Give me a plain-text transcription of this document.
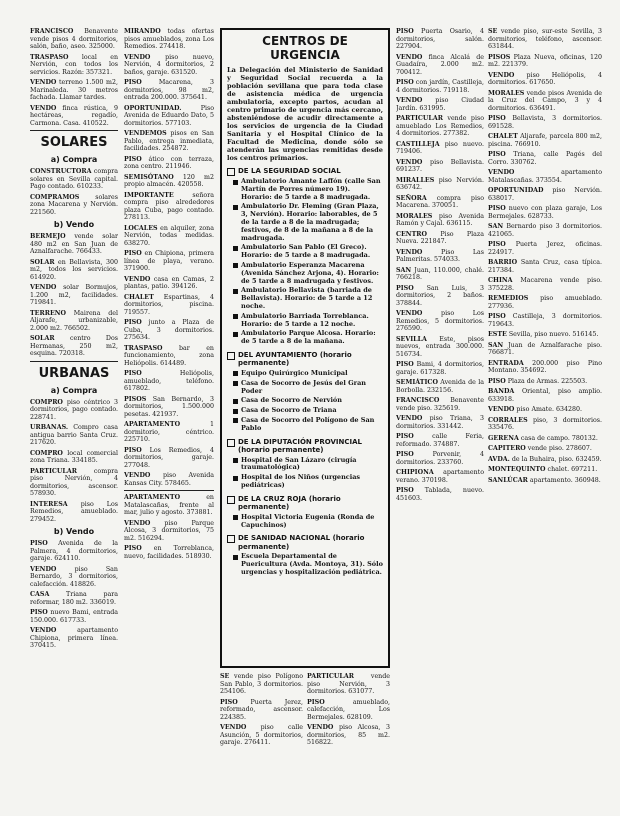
FRANCISCO Benavente vende pisos 4 dormitorios, salón, baño, aseo. 325000.

TRASPASO local en Nervión, con todos los servicios. Razón: 357321.

VENDO terreno 1.500 m2, Marinaleda. 30 metros fachada. Llamar tardes.

VENDO finca rústica, 9 hectáreas, regadío, Carmona. Casa. 410522.

SOLARES
a) Compra

CONSTRUCTORA compra solares en Sevilla capital. Pago contado. 610233.

COMPRAMOS solares zona Macarena y Nervión. 221560.

b) Vendo

BERMEJO vende solar 480 m2 en San Juan de Aznalfarache. 766433.

SOLAR en Bellavista, 300 m2, todos los servicios. 614920.

VENDO solar Bormujos, 1.200 m2, facilidades. 719841.

TERRENO Mairena del Aljarafe, urbanizable, 2.000 m2. 766502.

SOLAR centro Dos Hermanas, 250 m2, esquina. 720318.

URBANAS
a) Compra

COMPRO piso céntrico 3 dormitorios, pago contado. 228741.

URBANAS. Compro casa antigua barrio Santa Cruz. 217620.

COMPRO local comercial zona Triana. 334185.

PARTICULAR compra piso Nervión, 4 dormitorios, ascensor. 578930.

INTERESA piso Los Remedios, amueblado. 279452.

b) Vendo

PISO Avenida de la Palmera, 4 dormitorios, garaje. 624110.

VENDO piso San Bernardo, 3 dormitorios, calefacción. 418826.

CASA Triana para reformar, 180 m2. 336019.

PISO nuevo Bami, entrada 150.000. 617733.

VENDO apartamento Chipiona, primera línea. 370415.

MIRANDO todas ofertas pisos amueblados, zona Los Remedios. 274418.

VENDO piso nuevo, Nervión, 4 dormitorios, 2 baños, garaje. 631520.

PISO Macarena, 3 dormitorios, 98 m2, entrada 200.000. 375641.

OPORTUNIDAD. Piso Avenida de Eduardo Dato, 5 dormitorios. 577103.

VENDEMOS pisos en San Pablo, entrega inmediata, facilidades. 254872.

PISO ático con terraza, zona centro. 211946.

SEMISÓTANO 120 m2 propio almacén. 420558.

IMPORTANTE señora compra piso alrededores plaza Cuba, pago contado. 278113.

LOCALES en alquiler, zona Nervión, todas medidas. 638270.

PISO en Chipiona, primera línea de playa, verano. 371900.

VENDO casa en Camas, 2 plantas, patio. 394126.

CHALET Espartinas, 4 dormitorios, piscina. 719557.

PISO junto a Plaza de Cuba, 3 dormitorios. 275634.

TRASPASO bar en funcionamiento, zona Heliópolis. 614489.

PISO Heliópolis, amueblado, teléfono. 617802.

PISOS San Bernardo, 3 dormitorios, 1.500.000 pesetas. 421937.

APARTAMENTO 1 dormitorio, céntrico. 225710.

PISO Los Remedios, 4 dormitorios, garaje. 277048.

VENDO piso Avenida Kansas City. 578465.

APARTAMENTO en Matalascañas, frente al mar, julio y agosto. 373881.

VENDO piso Parque Alcosa, 3 dormitorios, 75 m2. 516294.

PISO en Torreblanca, nuevo, facilidades. 518930.

CENTROS DE URGENCIA
La Delegación del Ministerio de Sanidad y Seguridad Social recuerda a la población sevillana que para toda clase de asistencia médica de urgencia ambulatoria, excepto partos, acudan al centro primario de urgencia más cercano, absteniéndose de acudir directamente a los servicios de urgencia de la Ciudad Sanitaria y el Hospital Clínico de la Facultad de Medicina, donde sólo se atenderán las urgencias remitidas desde los centros primarios.
DE LA SEGURIDAD SOCIAL
Ambulatorio Amante Laffón (calle San Martín de Porres número 19). Horario: de 5 tarde a 8 madrugada.
Ambulatorio Dr. Fleming (Gran Plaza, 3, Nervión). Horario: laborables, de 5 de la tarde a 8 de la madrugada; festivos, de 8 de la mañana a 8 de la madrugada.
Ambulatorio San Pablo (El Greco). Horario: de 5 tarde a 8 madrugada.
Ambulatorio Esperanza Macarena (Avenida Sánchez Arjona, 4). Horario: de 5 tarde a 8 madrugada y festivos.
Ambulatorio Bellavista (barriada de Bellavista). Horario: de 5 tarde a 12 noche.
Ambulatorio Barriada Torreblanca. Horario: de 5 tarde a 12 noche.
Ambulatorio Parque Alcosa. Horario: de 5 tarde a 8 de la mañana.
DEL AYUNTAMIENTO (horario permanente)
Equipo Quirúrgico Municipal
Casa de Socorro de Jesús del Gran Poder
Casa de Socorro de Nervión
Casa de Socorro de Triana
Casa de Socorro del Polígono de San Pablo
DE LA DIPUTACIÓN PROVINCIAL (horario permanente)
Hospital de San Lázaro (cirugía traumatológica)
Hospital de los Niños (urgencias pediátricas)
DE LA CRUZ ROJA (horario permanente)
Hospital Victoria Eugenia (Ronda de Capuchinos)
DE SANIDAD NACIONAL (horario permanente)
Escuela Departamental de Puericultura (Avda. Montoya, 31). Sólo urgencias y hospitalización pediátrica.

SE vende piso Polígono San Pablo, 3 dormitorios. 254106.

PISO Puerta Jerez, reformado, ascensor. 224385.

VENDO piso calle Asunción, 5 dormitorios, garaje. 276411.

PARTICULAR vende piso Nervión, 3 dormitorios. 631077.

PISO amueblado, calefacción, Los Bermejales. 628109.

VENDO piso Alcosa, 3 dormitorios, 85 m2. 516822.

PISO Puerta Osario, 4 dormitorios, salón. 227904.

VENDO finca Alcalá de Guadaíra, 2.000 m2. 700412.

PISO con jardín, Castilleja, 4 dormitorios. 719118.

VENDO piso Ciudad Jardín. 631995.

PARTICULAR vende piso amueblado Los Remedios, 4 dormitorios. 277382.

CASTILLEJA piso nuevo. 719406.

VENDO piso Bellavista. 691237.

MIRALLES piso Nervión. 636742.

SEÑORA compra piso Macarena. 370051.

MORALES piso Avenida Ramón y Cajal. 636115.

CENTRO Piso Plaza Nueva. 221847.

VENDO Piso Las Palmeritas. 574033.

SAN Juan, 110.000, chalé. 766218.

PISO San Luis, 3 dormitorios, 2 baños. 378844.

VENDO piso Los Remedios, 5 dormitorios. 276590.

SEVILLA Este, pisos nuevos, entrada 300.000. 516734.

PISO Bami, 4 dormitorios, garaje. 617328.

SEMIÁTICO Avenida de la Borbolla. 232156.

FRANCISCO Benavente vende piso. 325619.

VENDO piso Triana, 3 dormitorios. 331442.

PISO calle Feria, reformado. 374887.

PISO Porvenir, 4 dormitorios. 233760.

CHIPIONA apartamento verano. 370198.

PISO Tablada, nuevo. 451603.

SE vende piso, sur-este Sevilla, 3 dormitorios, teléfono, ascensor. 631844.

PISOS Plaza Nueva, oficinas, 120 m2. 221379.

VENDO piso Heliópolis, 4 dormitorios. 617650.

MORALES vende pisos Avenida de la Cruz del Campo, 3 y 4 dormitorios. 636491.

PISO Bellavista, 3 dormitorios. 691528.

CHALET Aljarafe, parcela 800 m2, piscina. 766910.

PISO Triana, calle Pagés del Corro. 330762.

VENDO apartamento Matalascañas. 373554.

OPORTUNIDAD piso Nervión. 638017.

PISO nuevo con plaza garaje, Los Bermejales. 628733.

SAN Bernardo piso 3 dormitorios. 421065.

PISO Puerta Jerez, oficinas. 224917.

BARRIO Santa Cruz, casa típica. 217384.

CHINA Macarena vende piso. 375228.

REMEDIOS piso amueblado. 277936.

PISO Castilleja, 3 dormitorios. 719643.

ESTE Sevilla, piso nuevo. 516145.

SAN Juan de Aznalfarache piso. 766871.

ENTRADA 200.000 piso Pino Montano. 354692.

PISO Plaza de Armas. 225503.

BANDA Oriental, piso amplio. 633918.

VENDO piso Amate. 634280.

CORRALES piso, 3 dormitorios. 335476.

GERENA casa de campo. 780132.

CAPITERO vende piso. 278607.

AVDA. de la Buhaira, piso. 632459.

MONTEQUINTO chalet. 697211.

SANLÚCAR apartamento. 360948.
